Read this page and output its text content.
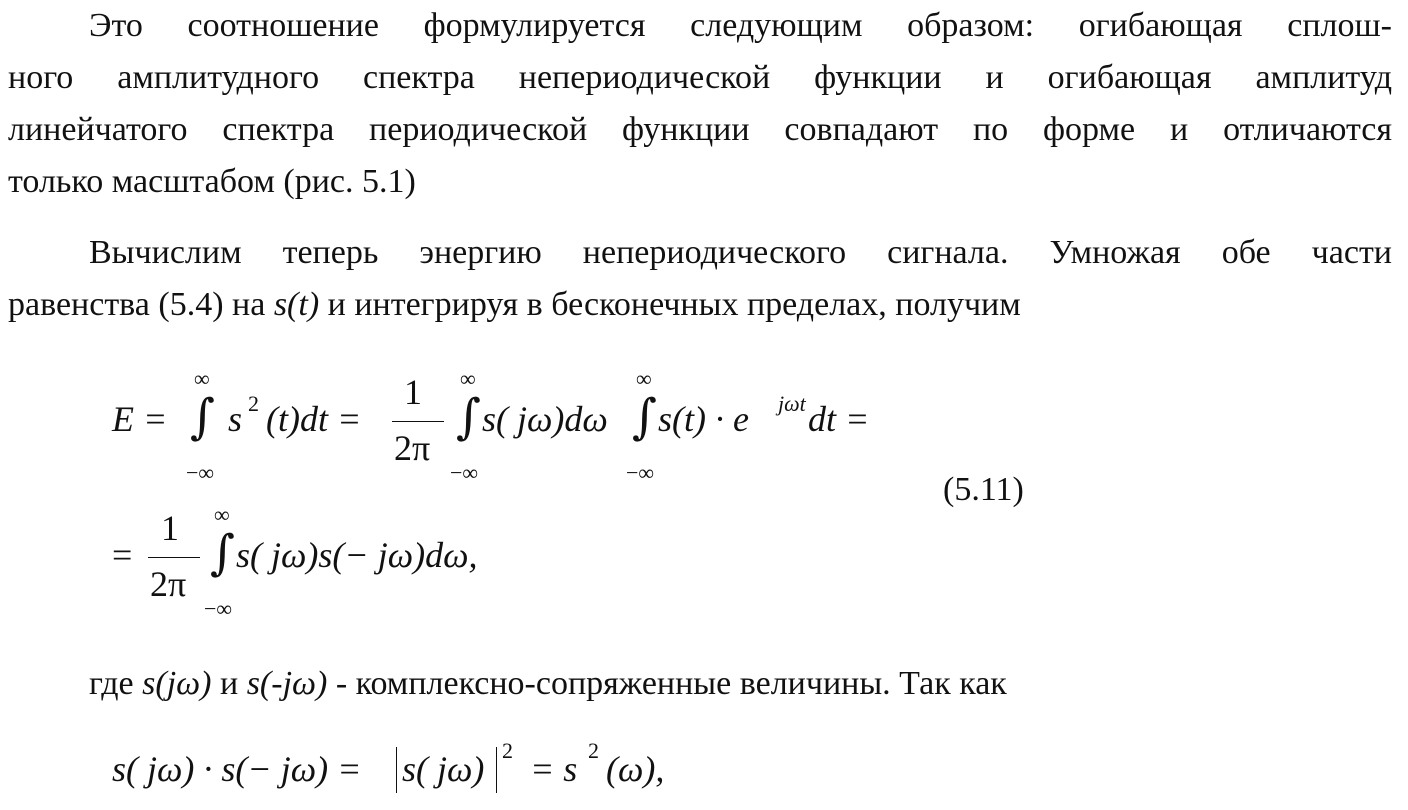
Это соотношение формулируется следующим образом: огибающая сплош-
ного амплитудного спектра непериодической функции и огибающая амплитуд
линейчатого спектра периодической функции совпадают по форме и отличаются
только масштабом (рис. 5.1)
Вычислим теперь энергию непериодического сигнала. Умножая обе части
равенства (5.4) на s(t) и интегрируя в бесконечных пределах, получим
E = ∫
∞
−∞
s 2 (t)dt =
1
2π
∫
∞
−∞
s( jω)dω ∫
∞
−∞
s(t) · e jωt dt =
(5.11)
=
1
2π
∫
∞
−∞
s( jω)s(− jω)dω,
где s(jω) и s(-jω) - комплексно-сопряженные величины. Так как
s( jω) · s(− jω) = s( jω) 2 = s 2 (ω),
